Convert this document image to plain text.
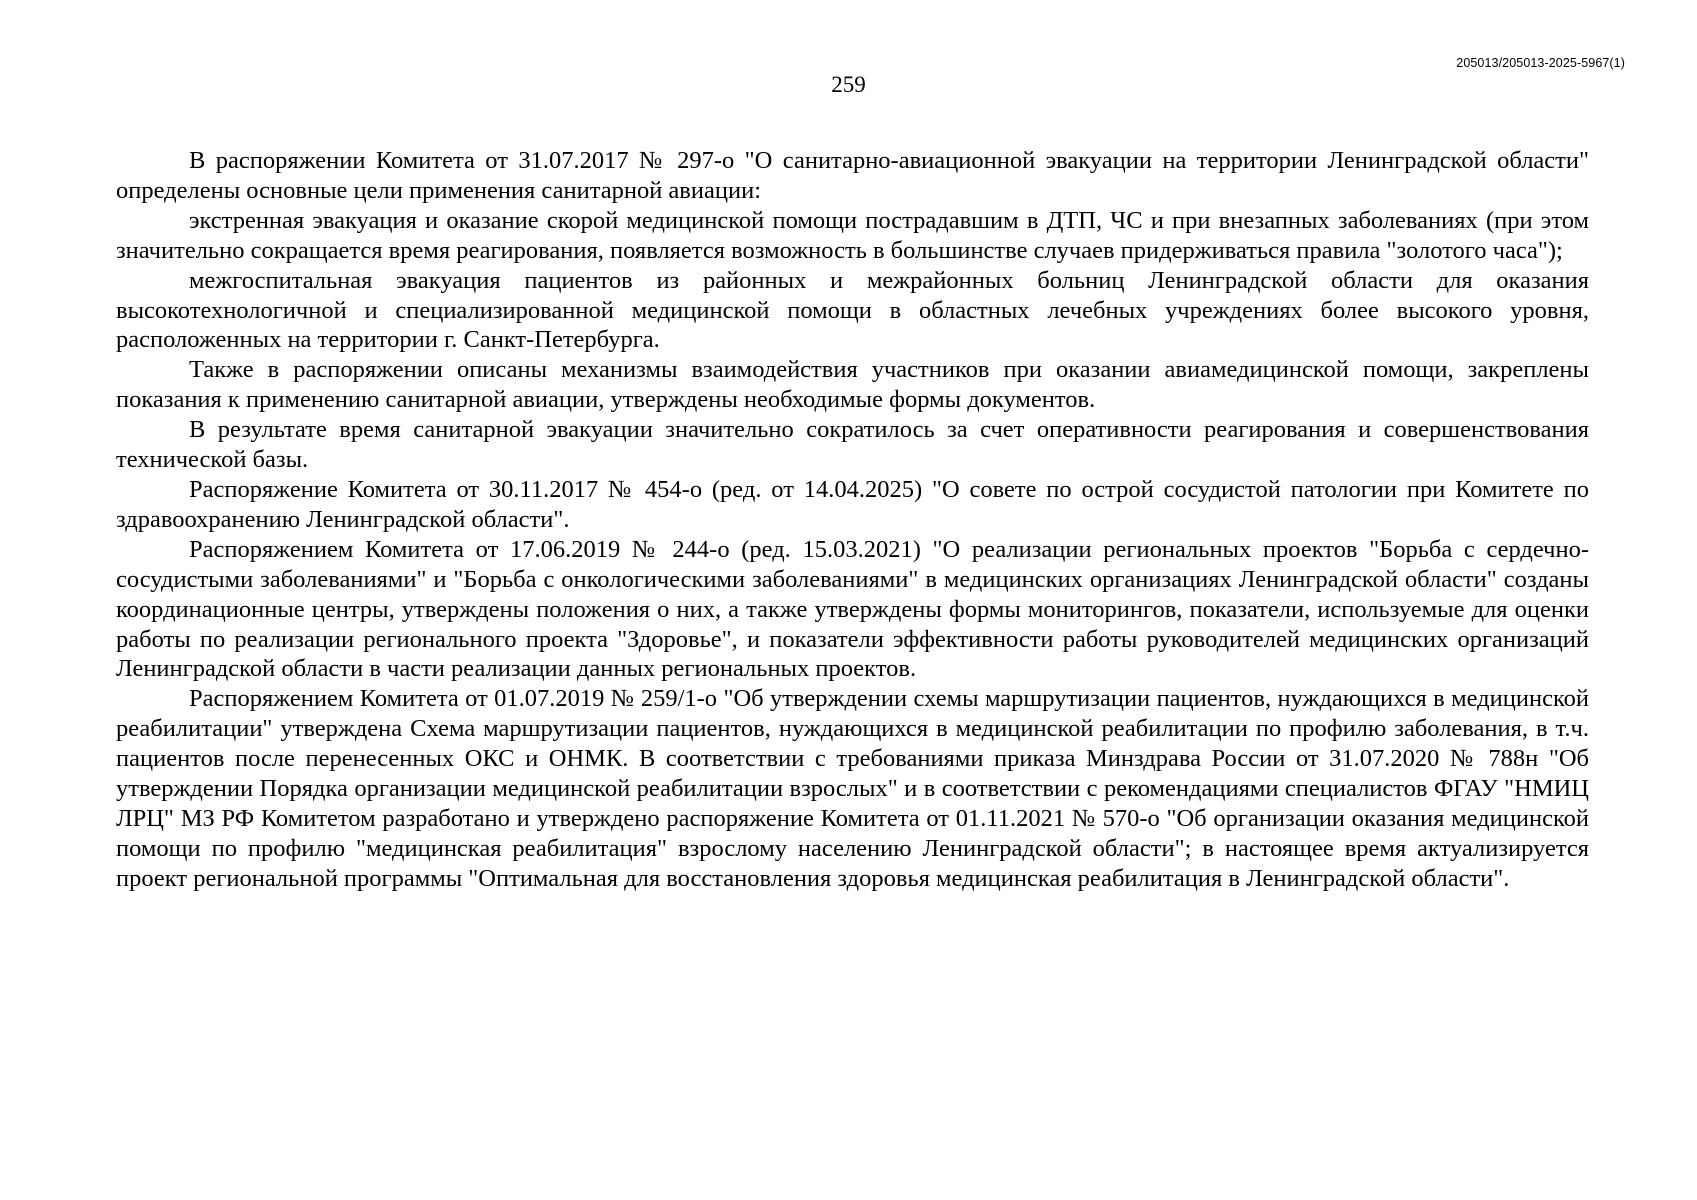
205013/205013-2025-5967(1)
259

В распоряжении Комитета от 31.07.2017 № 297-о "О санитарно-авиационной эвакуации на территории Ленинградской области" определены основные цели применения санитарной авиации:

экстренная эвакуация и оказание скорой медицинской помощи пострадавшим в ДТП, ЧС и при внезапных заболеваниях (при этом значительно сокращается время реагирования, появляется возможность в большинстве случаев придерживаться правила "золотого часа");

межгоспитальная эвакуация пациентов из районных и межрайонных больниц Ленинградской области для оказания высокотехнологичной и специализированной медицинской помощи в областных лечебных учреждениях более высокого уровня, расположенных на территории г. Санкт-Петербурга.

Также в распоряжении описаны механизмы взаимодействия участников при оказании авиамедицинской помощи, закреплены показания к применению санитарной авиации, утверждены необходимые формы документов.

В результате время санитарной эвакуации значительно сократилось за счет оперативности реагирования и совершенствования технической базы.

Распоряжение Комитета от 30.11.2017 № 454-о (ред. от 14.04.2025) "О совете по острой сосудистой патологии при Комитете по здравоохранению Ленинградской области".

Распоряжением Комитета от 17.06.2019 № 244-о (ред. 15.03.2021) "О реализации региональных проектов "Борьба с сердечно-сосудистыми заболеваниями" и "Борьба с онкологическими заболеваниями" в медицинских организациях Ленинградской области" созданы координационные центры, утверждены положения о них, а также утверждены формы мониторингов, показатели, используемые для оценки работы по реализации регионального проекта "Здоровье", и показатели эффективности работы руководителей медицинских организаций Ленинградской области в части реализации данных региональных проектов.

Распоряжением Комитета от 01.07.2019 № 259/1-о "Об утверждении схемы маршрутизации пациентов, нуждающихся в медицинской реабилитации" утверждена Схема маршрутизации пациентов, нуждающихся в медицинской реабилитации по профилю заболевания, в т.ч. пациентов после перенесенных ОКС и ОНМК. В соответствии с требованиями приказа Минздрава России от 31.07.2020 № 788н "Об утверждении Порядка организации медицинской реабилитации взрослых" и в соответствии с рекомендациями специалистов ФГАУ "НМИЦ ЛРЦ" МЗ РФ Комитетом разработано и утверждено распоряжение Комитета от 01.11.2021 № 570-о "Об организации оказания медицинской помощи по профилю "медицинская реабилитация" взрослому населению Ленинградской области"; в настоящее время актуализируется проект региональной программы "Оптимальная для восстановления здоровья медицинская реабилитация в Ленинградской области".
